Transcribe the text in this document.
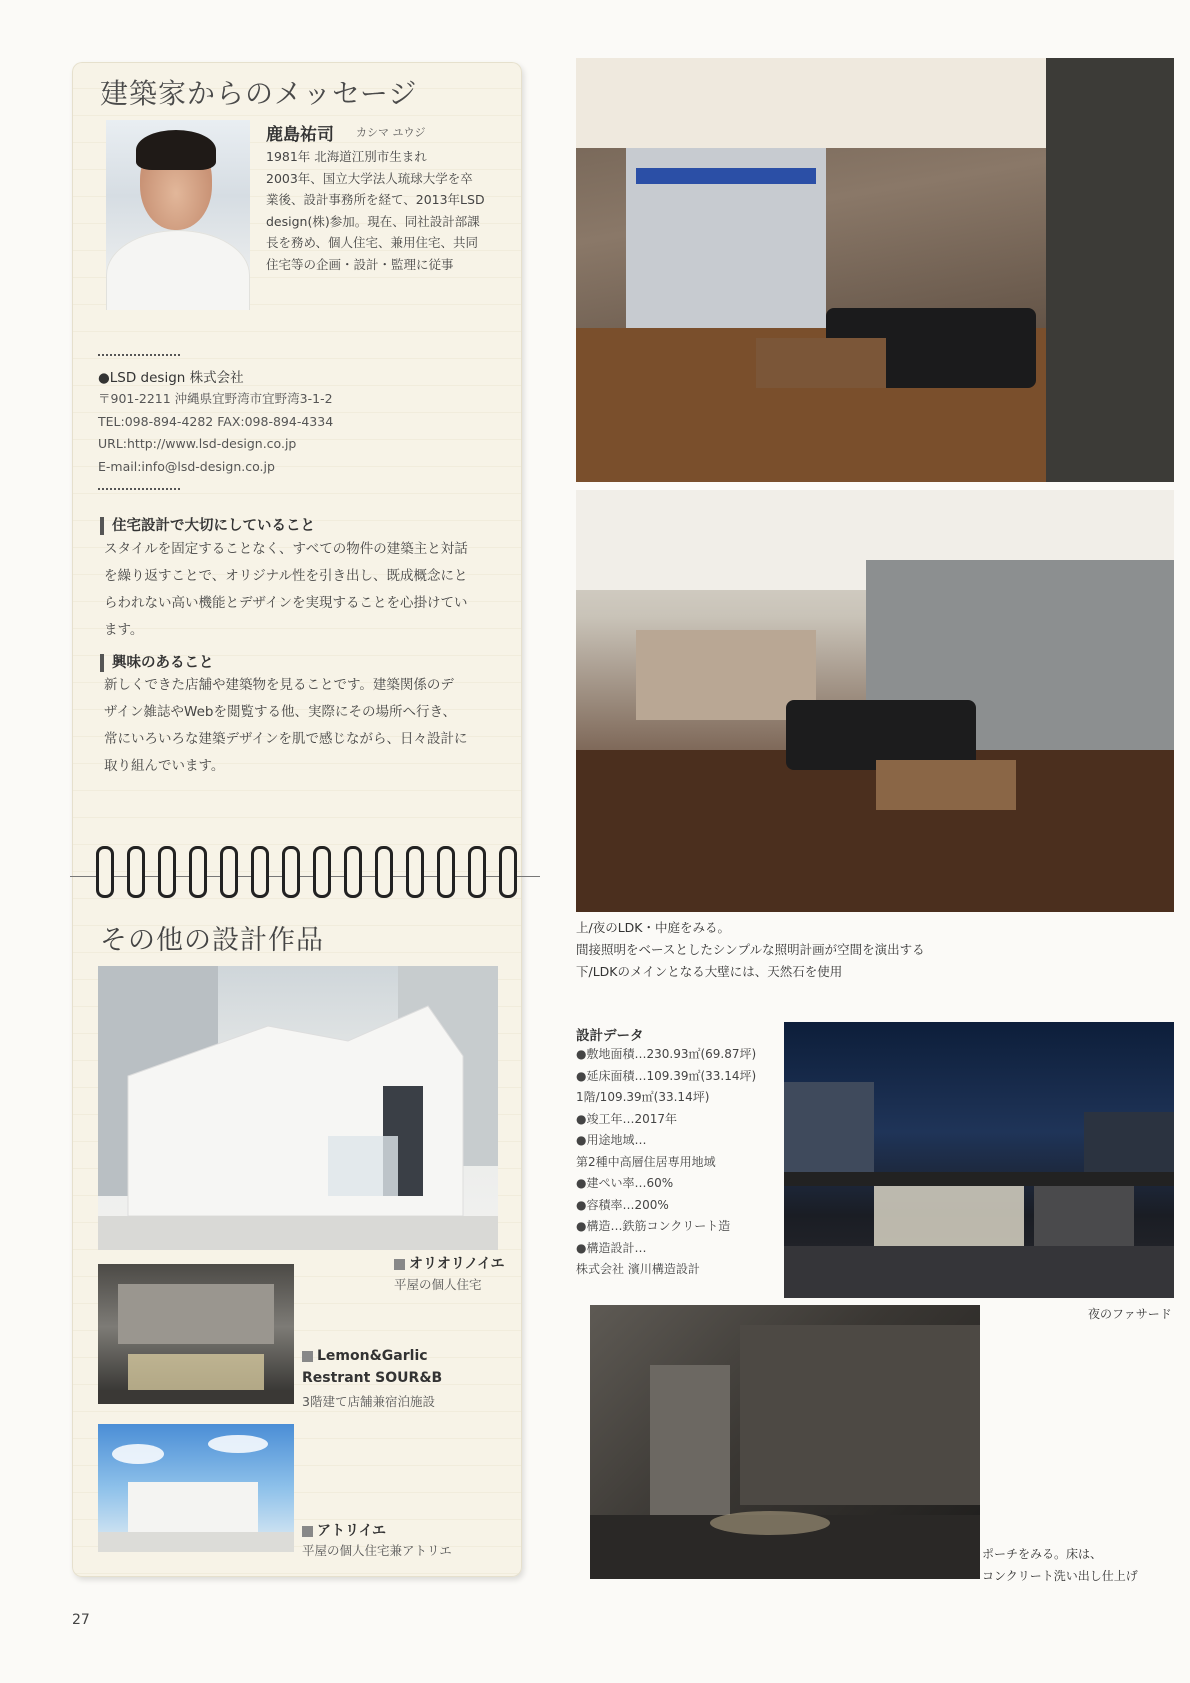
建築家からのメッセージ
鹿島祐司 カシマ ユウジ
1981年 北海道江別市生まれ
2003年、国立大学法人琉球大学を卒
業後、設計事務所を経て、2013年LSD
design(株)参加。現在、同社設計部課
長を務め、個人住宅、兼用住宅、共同
住宅等の企画・設計・監理に従事
●LSD design 株式会社
〒901-2211 沖縄県宜野湾市宜野湾3-1-2
TEL:098-894-4282 FAX:098-894-4334
URL:http://www.lsd-design.co.jp
E-mail:info@lsd-design.co.jp
住宅設計で大切にしていること
スタイルを固定することなく、すべての物件の建築主と対話
を繰り返すことで、オリジナル性を引き出し、既成概念にと
らわれない高い機能とデザインを実現することを心掛けてい
ます。
興味のあること
新しくできた店舗や建築物を見ることです。建築関係のデ
ザイン雑誌やWebを閲覧する他、実際にその場所へ行き、
常にいろいろな建築デザインを肌で感じながら、日々設計に
取り組んでいます。
その他の設計作品
オリオリノイエ
平屋の個人住宅
Lemon&Garlic
Restrant SOUR&B
3階建て店舗兼宿泊施設
アトリイエ
平屋の個人住宅兼アトリエ
上/夜のLDK・中庭をみる。
間接照明をベースとしたシンプルな照明計画が空間を演出する
下/LDKのメインとなる大壁には、天然石を使用
設計データ
●敷地面積…230.93㎡(69.87坪)
●延床面積…109.39㎡(33.14坪)
1階/109.39㎡(33.14坪)
●竣工年…2017年
●用途地域…
第2種中高層住居専用地域
●建ぺい率…60%
●容積率…200%
●構造…鉄筋コンクリート造
●構造設計…
株式会社 濱川構造設計
夜のファサード
ポーチをみる。床は、
コンクリート洗い出し仕上げ
27
